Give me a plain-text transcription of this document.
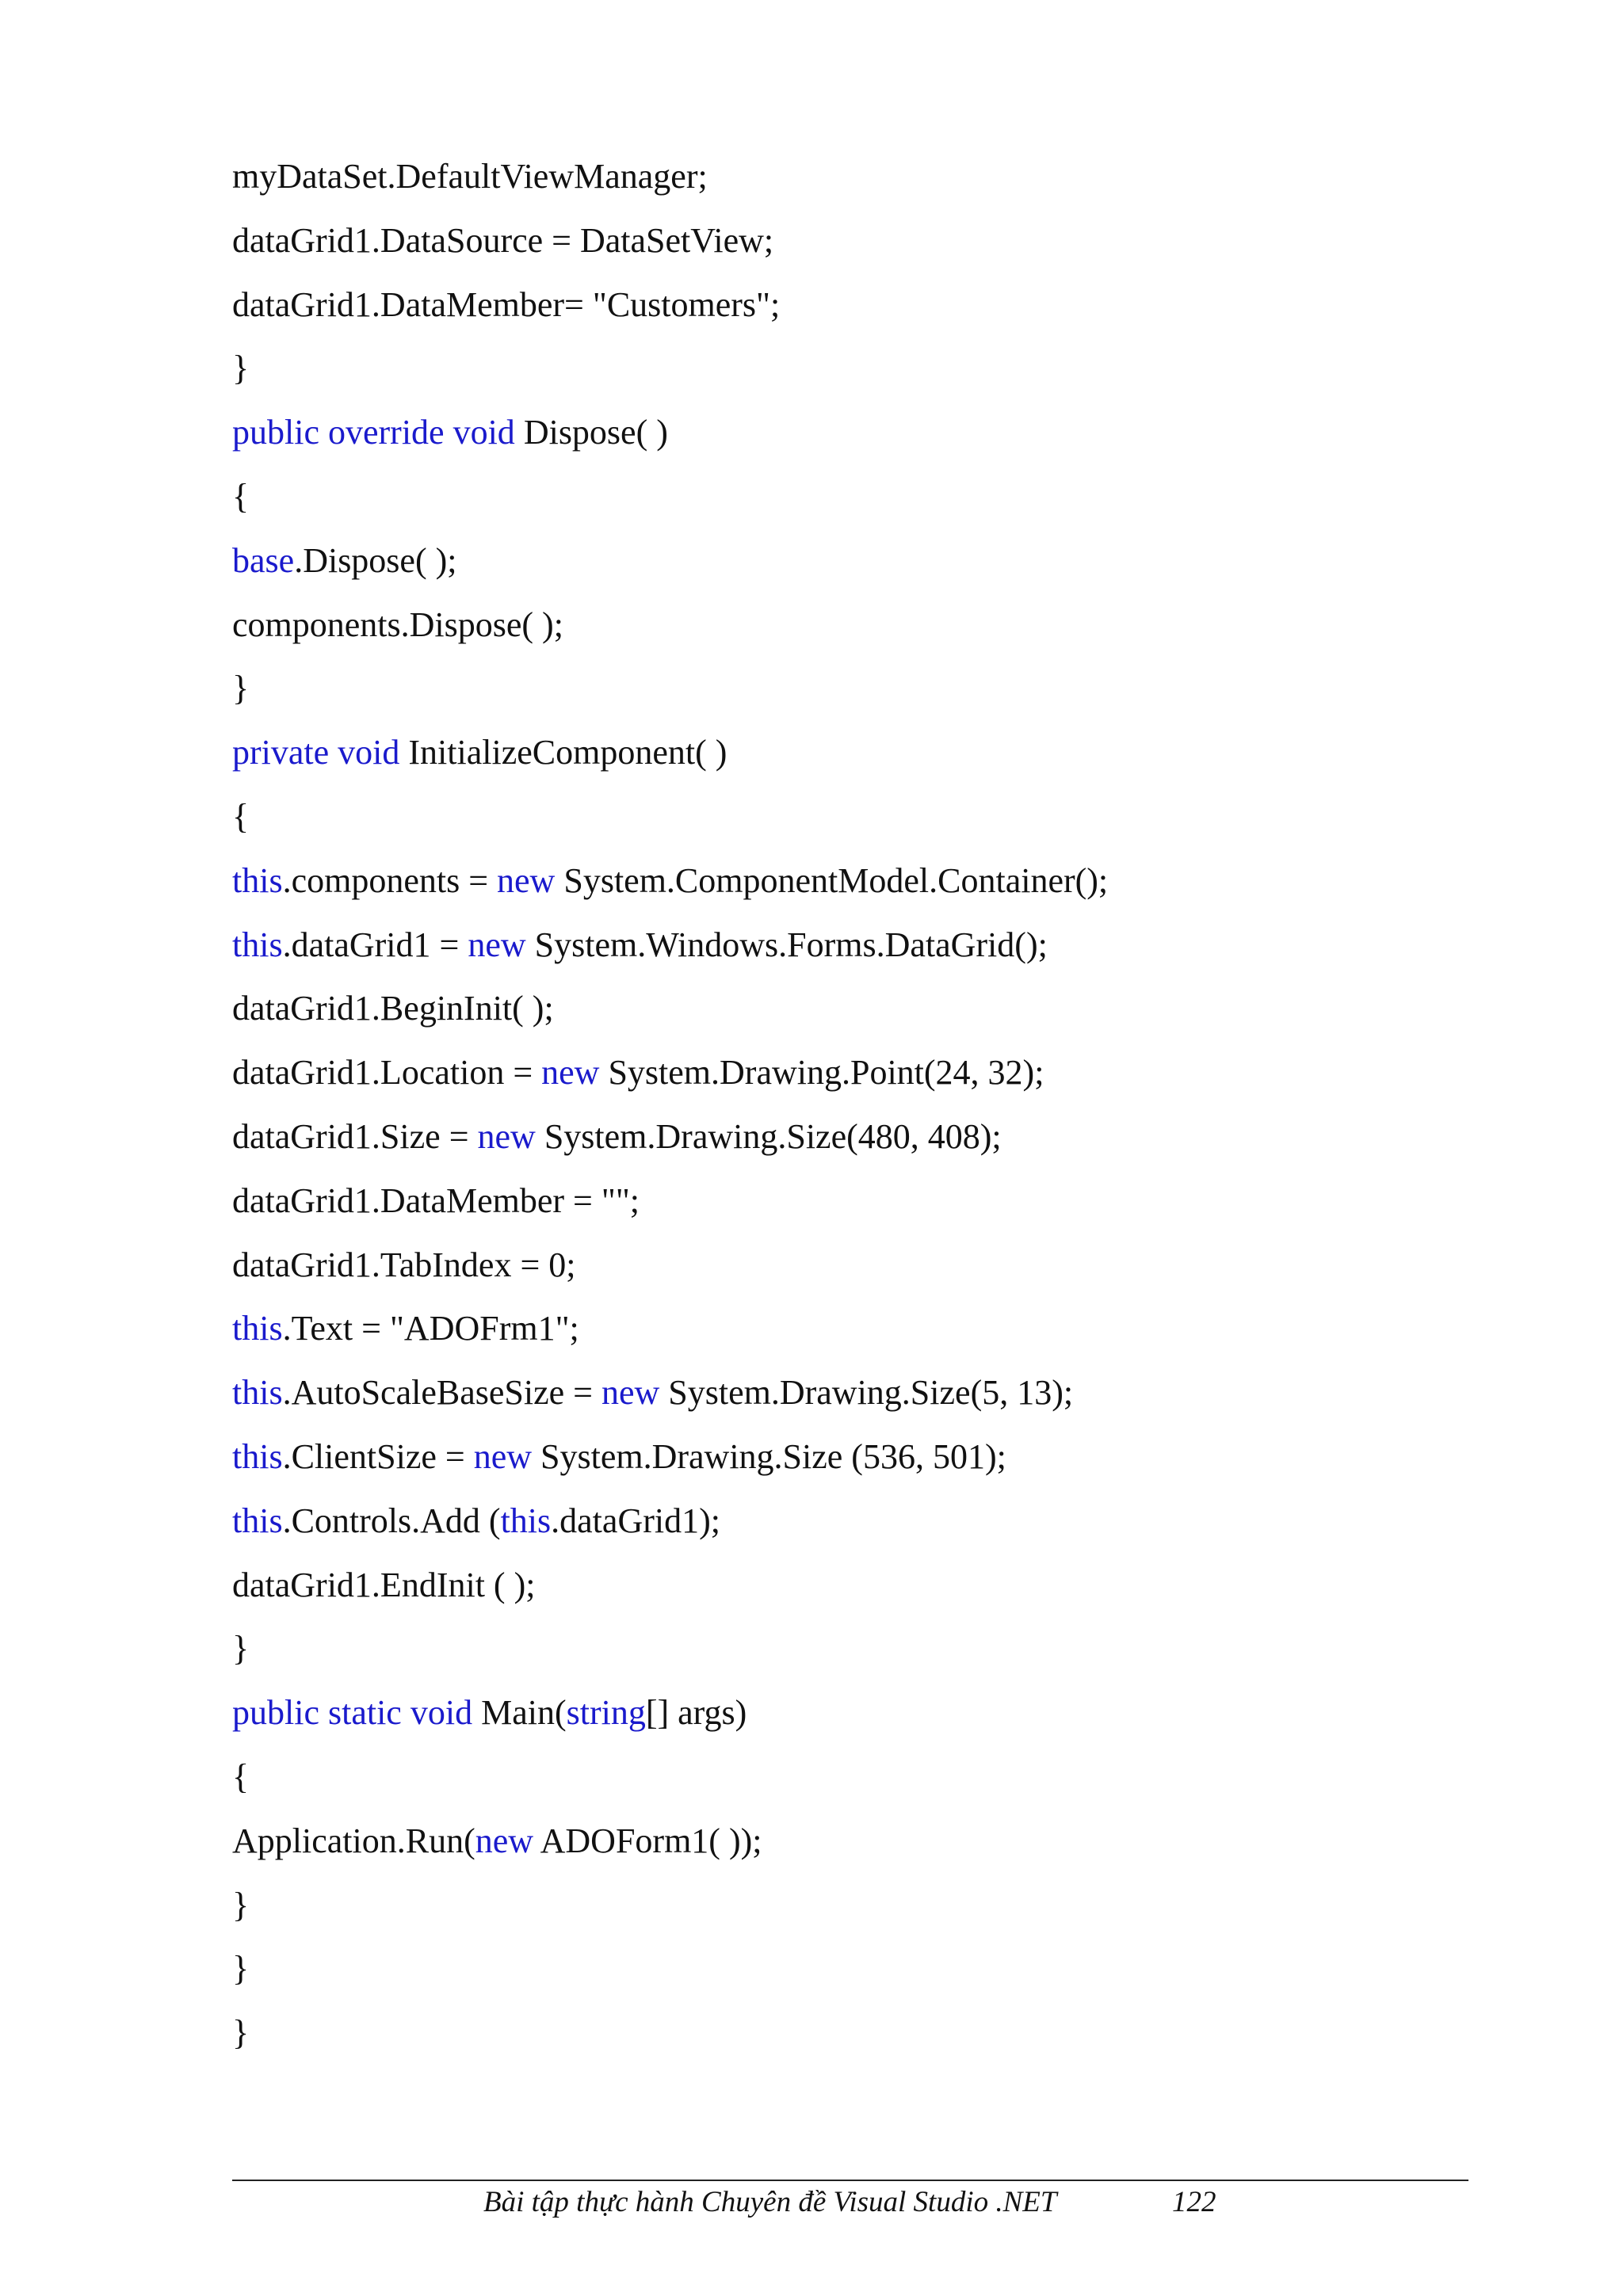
myDataSet.DefaultViewManager;
dataGrid1.DataSource = DataSetView;
dataGrid1.DataMember= "Customers";
}
public override void Dispose( )
{
base.Dispose( );
components.Dispose( );
}
private void InitializeComponent( )
{
this.components = new System.ComponentModel.Container();
this.dataGrid1 = new System.Windows.Forms.DataGrid();
dataGrid1.BeginInit( );
dataGrid1.Location = new System.Drawing.Point(24, 32);
dataGrid1.Size = new System.Drawing.Size(480, 408);
dataGrid1.DataMember = "";
dataGrid1.TabIndex = 0;
this.Text = "ADOFrm1";
this.AutoScaleBaseSize = new System.Drawing.Size(5, 13);
this.ClientSize = new System.Drawing.Size (536, 501);
this.Controls.Add (this.dataGrid1);
dataGrid1.EndInit ( );
}
public static void Main(string[] args)
{
Application.Run(new ADOForm1( ));
}
}
}
Bài tập thực hành Chuyên đề Visual Studio .NET	122
